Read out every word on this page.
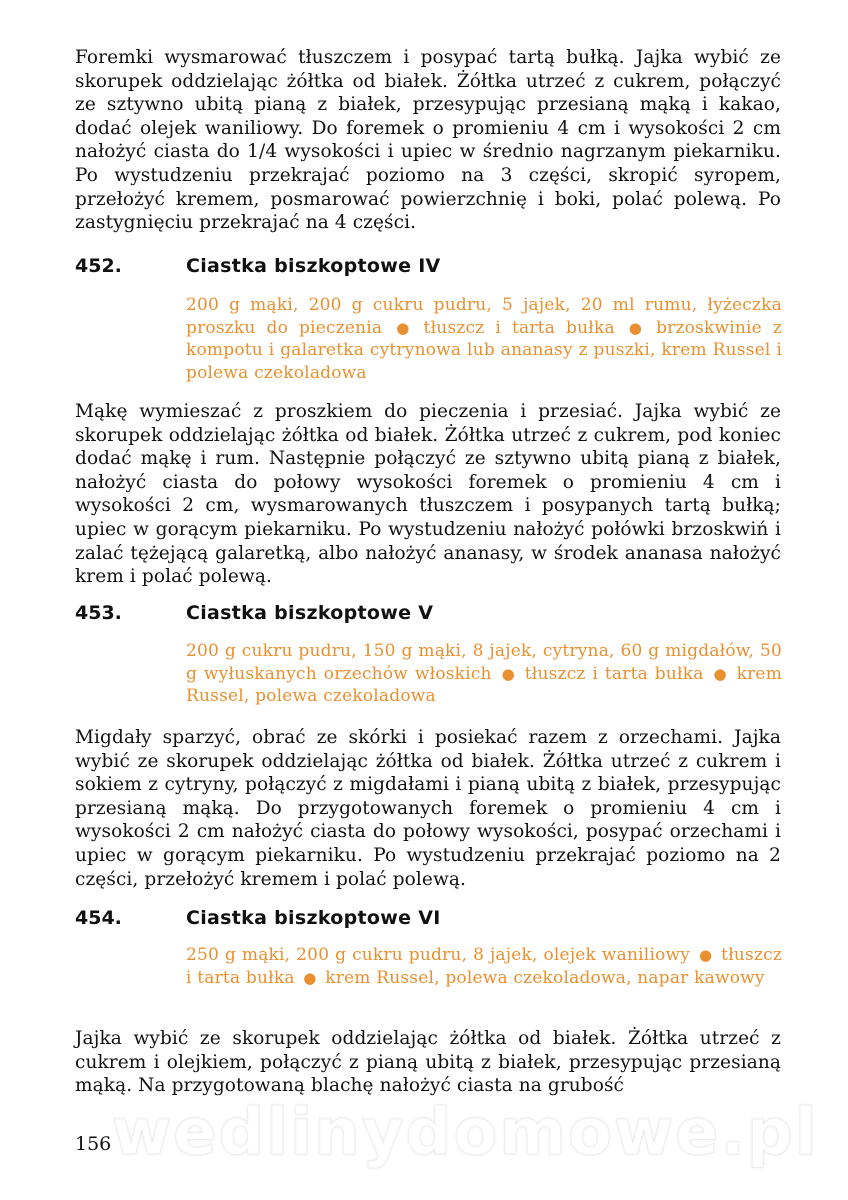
Foremki wysmarować tłuszczem i posypać tartą bułką. Jajka wybić ze skorupek oddzielając żółtka od białek. Żółtka utrzeć z cukrem, połączyć ze sztywno ubitą pianą z białek, przesypując przesianą mąką i kakao, dodać olejek waniliowy. Do foremek o promieniu 4 cm i wysokości 2 cm nałożyć ciasta do 1/4 wysokości i upiec w średnio nagrzanym piekarniku. Po wystudzeniu przekrajać poziomo na 3 części, skropić syropem, przełożyć kremem, posmarować powierzchnię i boki, polać polewą. Po zastygnięciu przekrajać na 4 części.

452.	Ciastka biszkoptowe IV

200 g mąki, 200 g cukru pudru, 5 jajek, 20 ml rumu, łyżeczka proszku do pieczenia ● tłuszcz i tarta bułka ● brzoskwinie z kompotu i galaretka cytrynowa lub ananasy z puszki, krem Russel i polewa czekoladowa

Mąkę wymieszać z proszkiem do pieczenia i przesiać. Jajka wybić ze skorupek oddzielając żółtka od białek. Żółtka utrzeć z cukrem, pod koniec dodać mąkę i rum. Następnie połączyć ze sztywno ubitą pianą z białek, nałożyć ciasta do połowy wysokości foremek o promieniu 4 cm i wysokości 2 cm, wysmarowanych tłuszczem i posypanych tartą bułką; upiec w gorącym piekarniku. Po wystudzeniu nałożyć połówki brzoskwiń i zalać tężejącą galaretką, albo nałożyć ananasy, w środek ananasa nałożyć krem i polać polewą.

453.	Ciastka biszkoptowe V

200 g cukru pudru, 150 g mąki, 8 jajek, cytryna, 60 g migdałów, 50 g wyłuskanych orzechów włoskich ● tłuszcz i tarta bułka ● krem Russel, polewa czekoladowa

Migdały sparzyć, obrać ze skórki i posiekać razem z orzechami. Jajka wybić ze skorupek oddzielając żółtka od białek. Żółtka utrzeć z cukrem i sokiem z cytryny, połączyć z migdałami i pianą ubitą z białek, przesypując przesianą mąką. Do przygotowanych foremek o promieniu 4 cm i wysokości 2 cm nałożyć ciasta do połowy wysokości, posypać orzechami i upiec w gorącym piekarniku. Po wystudzeniu przekrajać poziomo na 2 części, przełożyć kremem i polać polewą.

454.	Ciastka biszkoptowe VI

250 g mąki, 200 g cukru pudru, 8 jajek, olejek waniliowy ● tłuszcz i tarta bułka ● krem Russel, polewa czekoladowa, napar kawowy

Jajka wybić ze skorupek oddzielając żółtka od białek. Żółtka utrzeć z cukrem i olejkiem, połączyć z pianą ubitą z białek, przesypując przesianą mąką. Na przygotowaną blachę nałożyć ciasta na grubość

wedlinydomowe.pl

156
